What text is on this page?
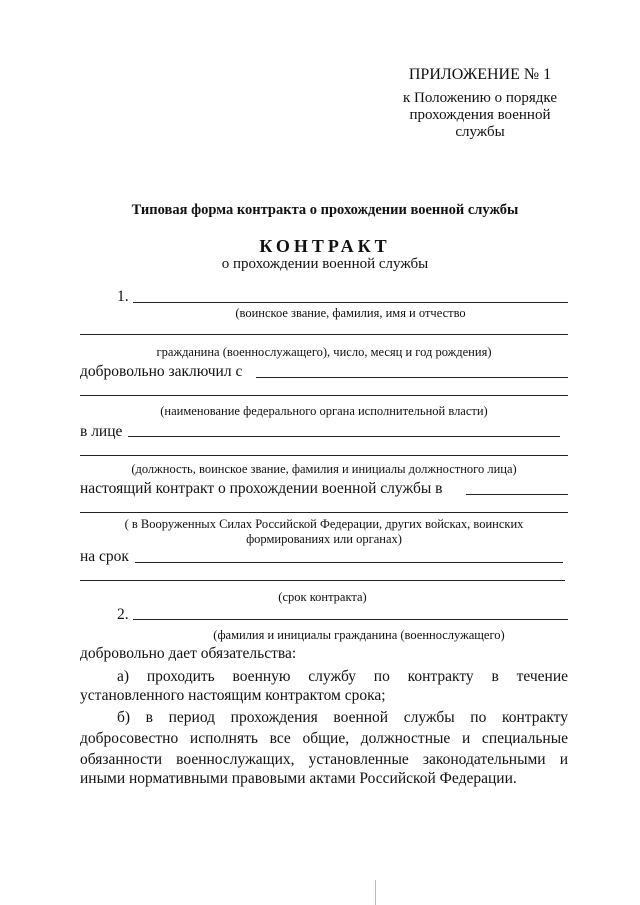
ПРИЛОЖЕНИЕ № 1
к Положению о порядке
прохождения военной
службы
Типовая форма контракта о прохождении военной службы
КОНТРАКТ
о прохождении военной службы
1.
(воинское звание, фамилия, имя и отчество
гражданина (военнослужащего), число, месяц и год рождения)
добровольно заключил с
(наименование федерального органа исполнительной власти)
в лице
(должность, воинское звание, фамилия и инициалы должностного лица)
настоящий контракт о прохождении военной службы в
( в Вооруженных Силах Российской Федерации, других войсках, воинских
формированиях или органах)
на срок
(срок контракта)
2.
(фамилия и инициалы гражданина (военнослужащего)
добровольно дает обязательства:
а) проходить военную службу по контракту в течение
установленного настоящим контрактом срока;
б) в период прохождения военной службы по контракту
добросовестно исполнять все общие, должностные и специальные
обязанности военнослужащих, установленные законодательными и
иными нормативными правовыми актами Российской Федерации.
